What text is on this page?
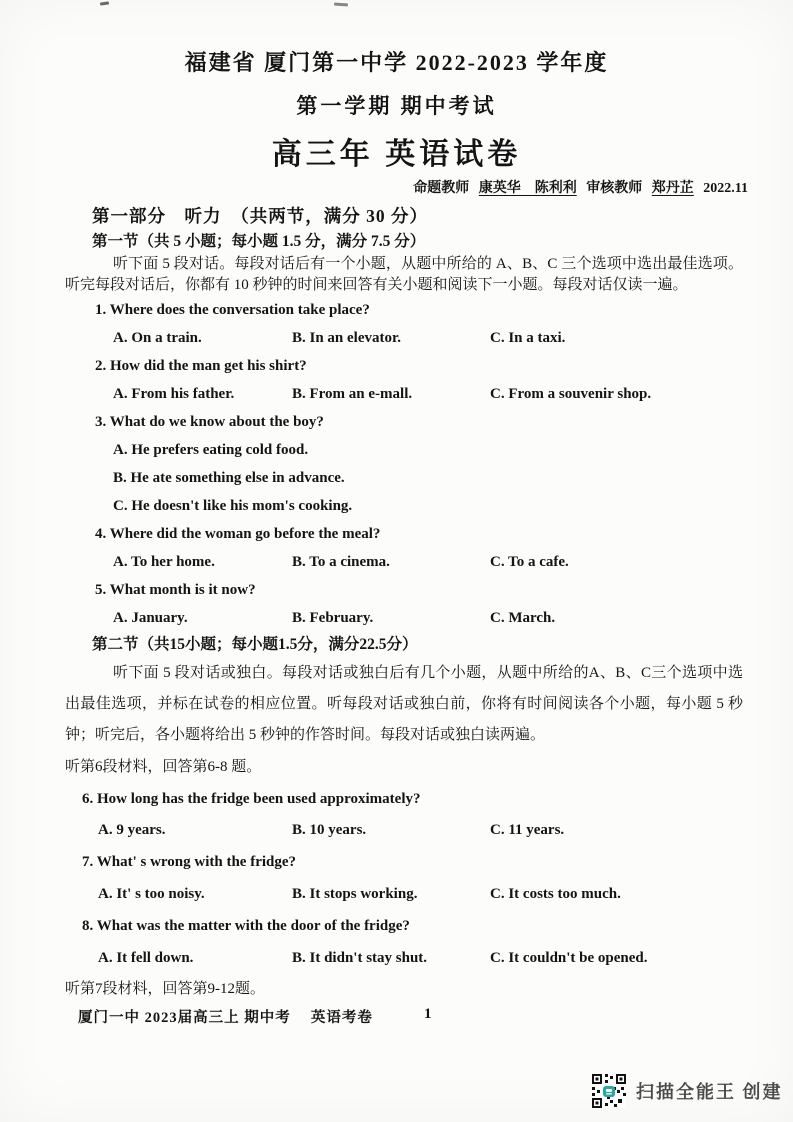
福建省 厦门第一中学 2022-2023 学年度
第一学期 期中考试
高三年 英语试卷
命题教师 康英华　陈利利 审核教师 郑丹芷 2022.11
第一部分　听力　（共两节，满分 30 分）
第一节（共 5 小题；每小题 1.5 分，满分 7.5 分）
听下面 5 段对话。每段对话后有一个小题，从题中所给的 A、B、C 三个选项中选出最佳选项。听完每段对话后，你都有 10 秒钟的时间来回答有关小题和阅读下一小题。每段对话仅读一遍。
1. Where does the conversation take place?
A. On a train.	B. In an elevator.	C. In a taxi.
2. How did the man get his shirt?
A. From his father.	B. From an e-mall.	C. From a souvenir shop.
3. What do we know about the boy?
A. He prefers eating cold food.
B. He ate something else in advance.
C. He doesn't like his mom's cooking.
4. Where did the woman go before the meal?
A. To her home.	B. To a cinema.	C. To a cafe.
5. What month is it now?
A. January.	B. February.	C. March.
第二节（共15小题；每小题1.5分，满分22.5分）
听下面 5 段对话或独白。每段对话或独白后有几个小题，从题中所给的A、B、C三个选项中选出最佳选项，并标在试卷的相应位置。听每段对话或独白前，你将有时间阅读各个小题，每小题 5 秒钟；听完后，各小题将给出 5 秒钟的作答时间。每段对话或独白读两遍。
听第6段材料，回答第6-8 题。
6. How long has the fridge been used approximately?
A. 9 years.	B. 10 years.	C. 11 years.
7. What' s wrong with the fridge?
A. It' s too noisy.	B. It stops working.	C. It costs too much.
8. What was the matter with the door of the fridge?
A. It fell down.	B. It didn't stay shut.	C. It couldn't be opened.
听第7段材料，回答第9-12题。
厦门一中 2023届高三上 期中考　 英语考卷	1
扫描全能王 创建
